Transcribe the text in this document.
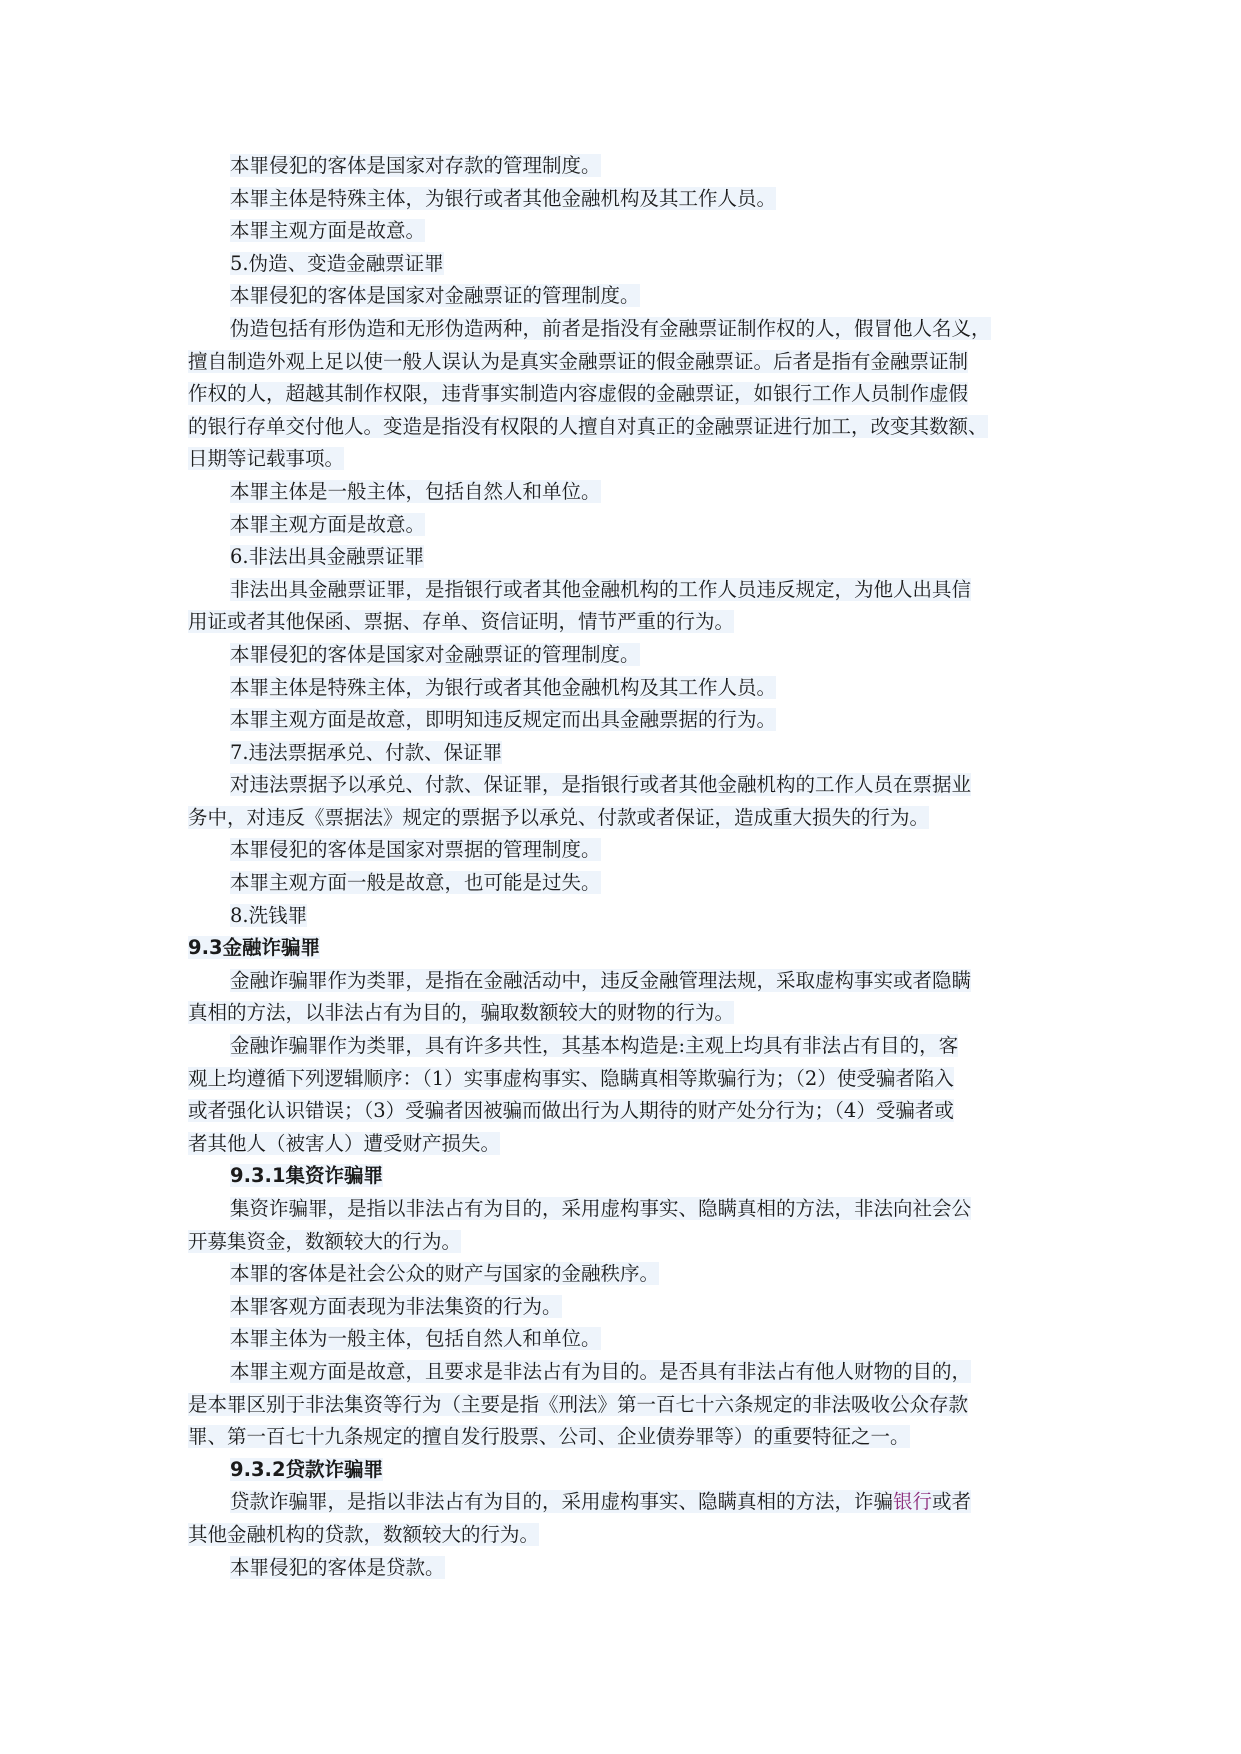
本罪侵犯的客体是国家对存款的管理制度。
本罪主体是特殊主体，为银行或者其他金融机构及其工作人员。
本罪主观方面是故意。
5.伪造、变造金融票证罪
本罪侵犯的客体是国家对金融票证的管理制度。
伪造包括有形伪造和无形伪造两种，前者是指没有金融票证制作权的人，假冒他人名义，
擅自制造外观上足以使一般人误认为是真实金融票证的假金融票证。后者是指有金融票证制
作权的人，超越其制作权限，违背事实制造内容虚假的金融票证，如银行工作人员制作虚假
的银行存单交付他人。变造是指没有权限的人擅自对真正的金融票证进行加工，改变其数额、
日期等记载事项。
本罪主体是一般主体，包括自然人和单位。
本罪主观方面是故意。
6.非法出具金融票证罪
非法出具金融票证罪，是指银行或者其他金融机构的工作人员违反规定，为他人出具信
用证或者其他保函、票据、存单、资信证明，情节严重的行为。
本罪侵犯的客体是国家对金融票证的管理制度。
本罪主体是特殊主体，为银行或者其他金融机构及其工作人员。
本罪主观方面是故意，即明知违反规定而出具金融票据的行为。
7.违法票据承兑、付款、保证罪
对违法票据予以承兑、付款、保证罪，是指银行或者其他金融机构的工作人员在票据业
务中，对违反《票据法》规定的票据予以承兑、付款或者保证，造成重大损失的行为。
本罪侵犯的客体是国家对票据的管理制度。
本罪主观方面一般是故意，也可能是过失。
8.洗钱罪
9.3金融诈骗罪
金融诈骗罪作为类罪，是指在金融活动中，违反金融管理法规，采取虚构事实或者隐瞒
真相的方法，以非法占有为目的，骗取数额较大的财物的行为。
金融诈骗罪作为类罪，具有许多共性，其基本构造是:主观上均具有非法占有目的，客
观上均遵循下列逻辑顺序：（1）实事虚构事实、隐瞒真相等欺骗行为；（2）使受骗者陷入
或者强化认识错误；（3）受骗者因被骗而做出行为人期待的财产处分行为；（4）受骗者或
者其他人（被害人）遭受财产损失。
9.3.1集资诈骗罪
集资诈骗罪，是指以非法占有为目的，采用虚构事实、隐瞒真相的方法，非法向社会公
开募集资金，数额较大的行为。
本罪的客体是社会公众的财产与国家的金融秩序。
本罪客观方面表现为非法集资的行为。
本罪主体为一般主体，包括自然人和单位。
本罪主观方面是故意，且要求是非法占有为目的。是否具有非法占有他人财物的目的，
是本罪区别于非法集资等行为（主要是指《刑法》第一百七十六条规定的非法吸收公众存款
罪、第一百七十九条规定的擅自发行股票、公司、企业债券罪等）的重要特征之一。
9.3.2贷款诈骗罪
贷款诈骗罪，是指以非法占有为目的，采用虚构事实、隐瞒真相的方法，诈骗银行或者
其他金融机构的贷款，数额较大的行为。
本罪侵犯的客体是贷款。
